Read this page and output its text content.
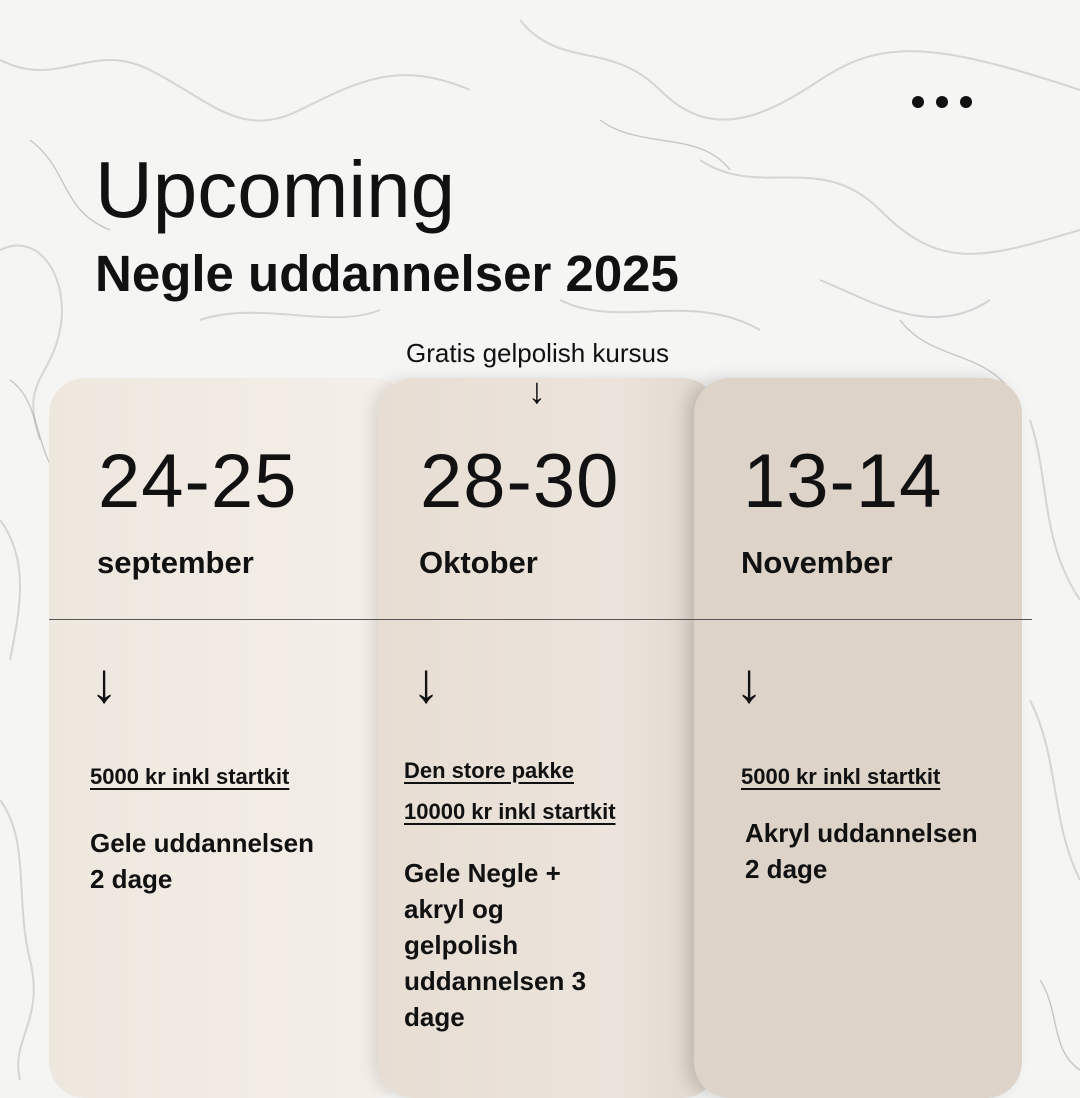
Upcoming
Negle uddannelser 2025
Gratis gelpolish kursus
↓
24-25
september
↓
5000 kr inkl startkit
Gele uddannelsen
2 dage
28-30
Oktober
↓
Den store pakke
10000 kr inkl startkit
Gele Negle +
akryl og
gelpolish
uddannelsen 3
dage
13-14
November
↓
5000 kr inkl startkit
Akryl uddannelsen
2 dage
